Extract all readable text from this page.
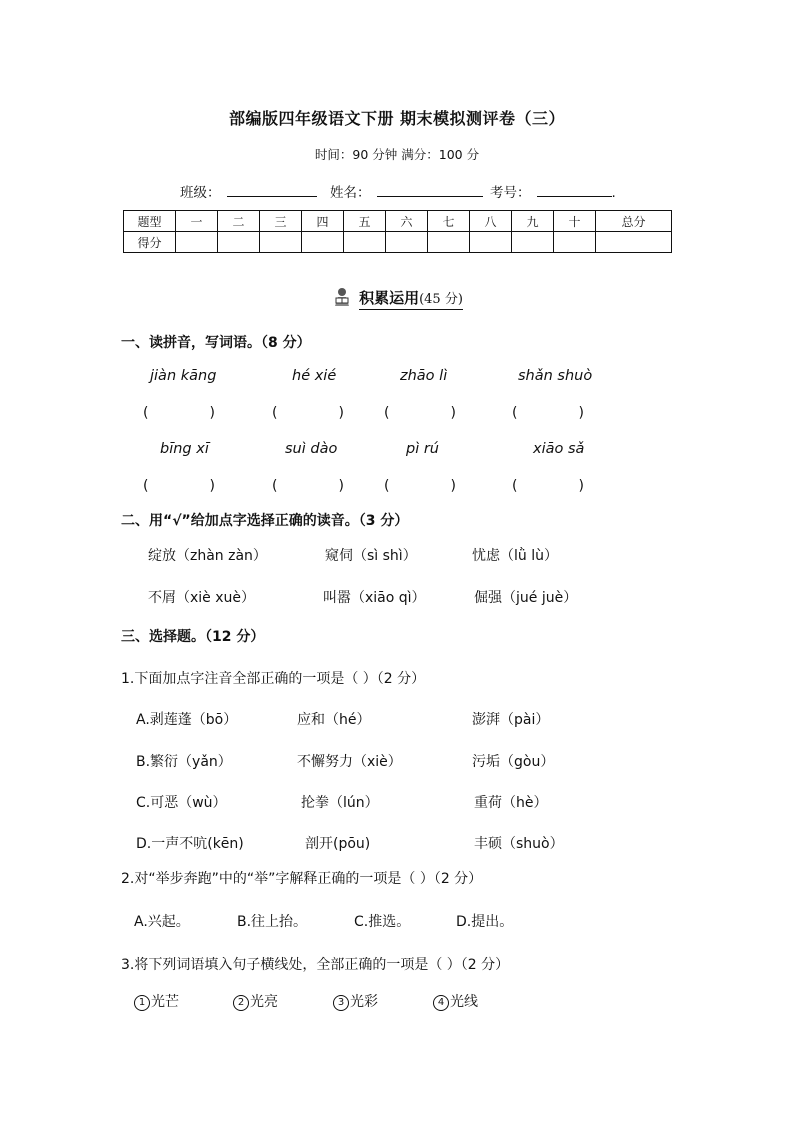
部编版四年级语文下册 期末模拟测评卷（三）
时间：90 分钟 满分：100 分
班级：	姓名：	考号：	.
题型	一	二	三	四	五	六	七	八	九	十	总分
得分											
积累运用(45 分)
一、读拼音，写词语。（8 分）
jiàn kāng	hé xié	zhāo lì	shǎn shuò
(	)	(	)	(	)	(	)
bīng xī	suì dào	pì rú	xiāo sǎ
(	)	(	)	(	)	(	)
二、用“√”给加点字选择正确的读音。（3 分）
绽放（zhàn zàn）	窥伺（sì shì）	忧虑（lǜ lù）
不屑（xiè xuè）	叫嚣（xiāo qì）	倔强（jué juè）
三、选择题。（12 分）
1.下面加点字注音全部正确的一项是（ ）（2 分）
A.剥莲蓬（bō）	应和（hé）	澎湃（pài）
B.繁衍（yǎn）	不懈努力（xiè）	污垢（gòu）
C.可恶（wù）	抡拳（lún）	重荷（hè）
D.一声不吭(kēn)	剖开(pōu)	丰硕（shuò）
2.对“举步奔跑”中的“举”字解释正确的一项是（ ）（2 分）
A.兴起。	B.往上抬。	C.推选。	D.提出。
3.将下列词语填入句子横线处，全部正确的一项是（ ）（2 分）
1 光芒	2 光亮	3 光彩	4 光线
